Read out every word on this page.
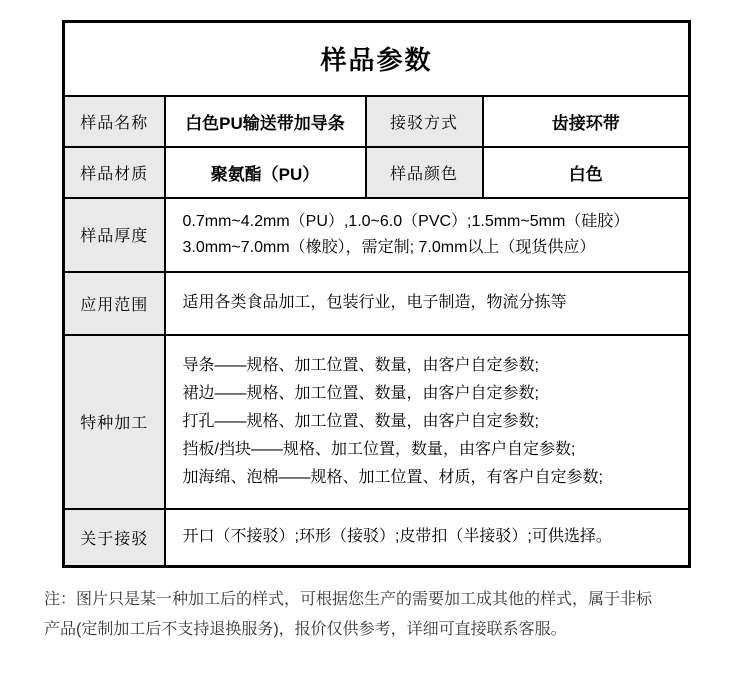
样品参数			
样品名称	白色PU输送带加导条	接驳方式	齿接环带
样品材质	聚氨酯（PU）	样品颜色	白色
样品厚度	0.7mm~4.2mm（PU）,1.0~6.0（PVC）;1.5mm~5mm（硅胶）
3.0mm~7.0mm（橡胶），需定制; 7.0mm以上（现货供应）		

应用范围	适用各类食品加工，包装行业，电子制造，物流分拣等		

特种加工	导条——规格、加工位置、数量，由客户自定参数;
裙边——规格、加工位置、数量，由客户自定参数;
打孔——规格、加工位置、数量，由客户自定参数;
挡板/挡块——规格、加工位置，数量，由客户自定参数;
加海绵、泡棉——规格、加工位置、材质，有客户自定参数;		

关于接驳	开口（不接驳）;环形（接驳）;皮带扣（半接驳）;可供选择。		
注：图片只是某一种加工后的样式，可根据您生产的需要加工成其他的样式，属于非标
产品(定制加工后不支持退换服务)，报价仅供参考，详细可直接联系客服。
